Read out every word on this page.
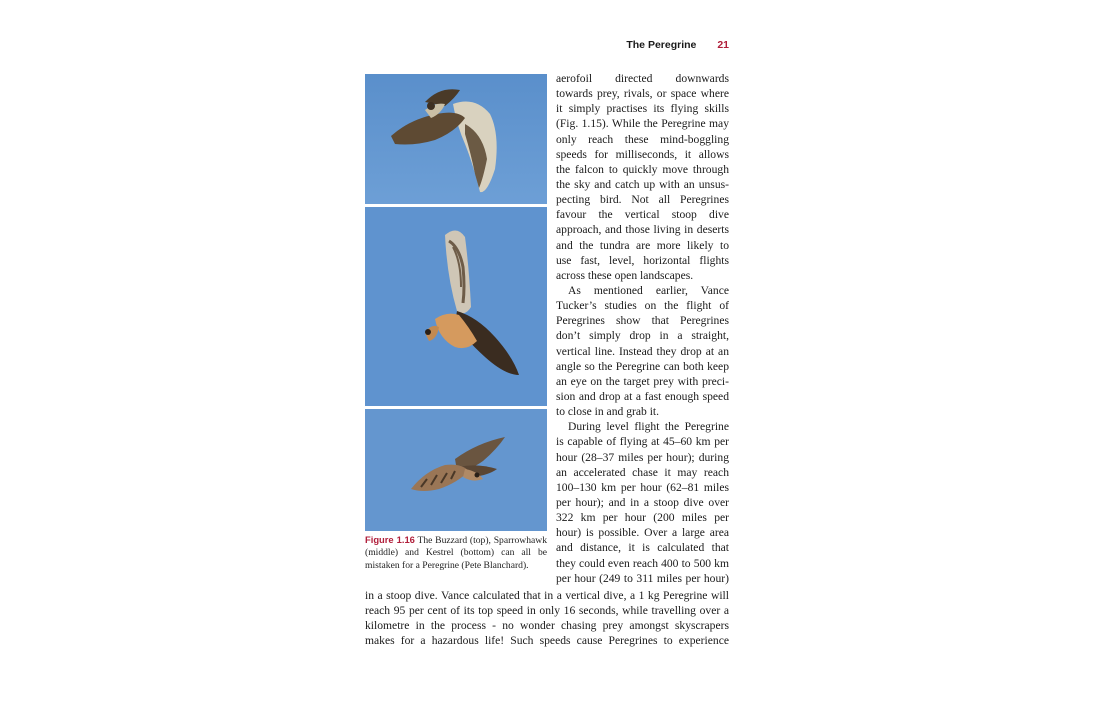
The Peregrine 21
Figure 1.16 The Buzzard (top), Sparrowhawk (middle) and Kestrel (bottom) can all be mistaken for a Peregrine (Pete Blanchard).
aerofoil directed downwards
towards prey, rivals, or space where
it simply practises its flying skills
(Fig. 1.15). While the Peregrine may
only reach these mind-boggling
speeds for milliseconds, it allows
the falcon to quickly move through
the sky and catch up with an unsus-
pecting bird. Not all Peregrines
favour the vertical stoop dive
approach, and those living in deserts
and the tundra are more likely to
use fast, level, horizontal flights
across these open landscapes.
As mentioned earlier, Vance
Tucker’s studies on the flight of
Peregrines show that Peregrines
don’t simply drop in a straight,
vertical line. Instead they drop at an
angle so the Peregrine can both keep
an eye on the target prey with preci-
sion and drop at a fast enough speed
to close in and grab it.
During level flight the Peregrine
is capable of flying at 45–60 km per
hour (28–37 miles per hour); during
an accelerated chase it may reach
100–130 km per hour (62–81 miles
per hour); and in a stoop dive over
322 km per hour (200 miles per
hour) is possible. Over a large area
and distance, it is calculated that
they could even reach 400 to 500 km
per hour (249 to 311 miles per hour)
in a stoop dive. Vance calculated that in a vertical dive, a 1 kg Peregrine will
reach 95 per cent of its top speed in only 16 seconds, while travelling over a
kilometre in the process - no wonder chasing prey amongst skyscrapers
makes for a hazardous life! Such speeds cause Peregrines to experience
